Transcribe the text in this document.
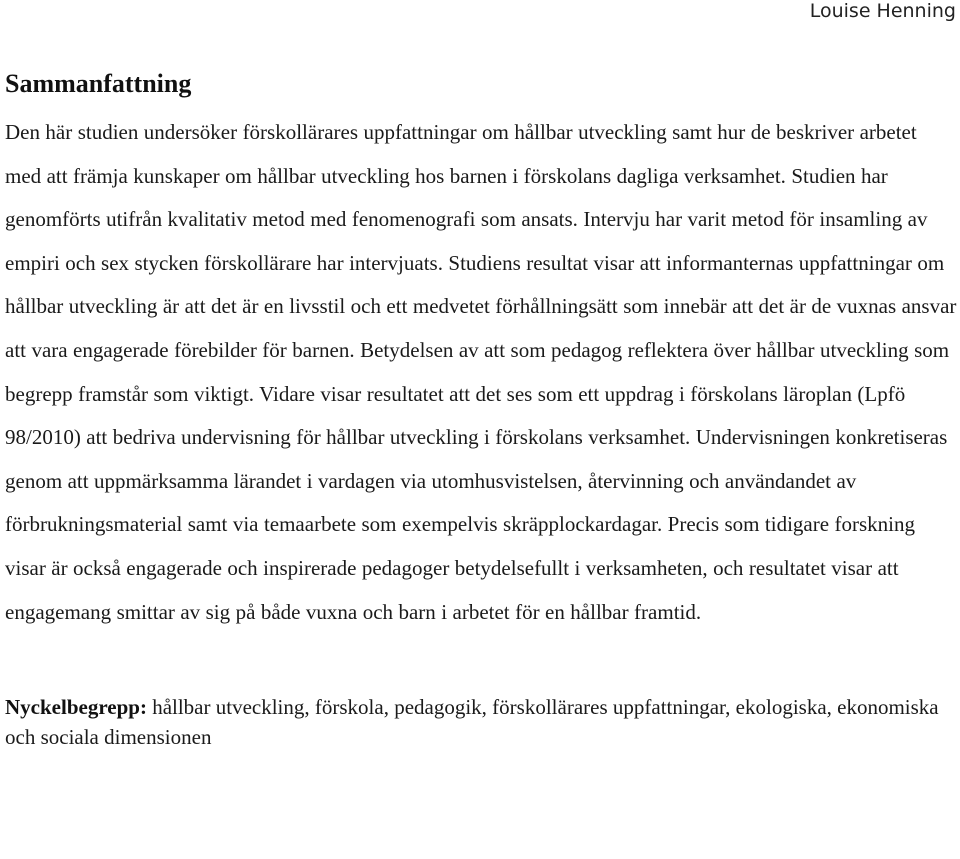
Louise Henning
Sammanfattning

Den här studien undersöker förskollärares uppfattningar om hållbar utveckling samt hur de beskriver arbetet med att främja kunskaper om hållbar utveckling hos barnen i förskolans dagliga verksamhet. Studien har genomförts utifrån kvalitativ metod med fenomenografi som ansats. Intervju har varit metod för insamling av empiri och sex stycken förskollärare har intervjuats. Studiens resultat visar att informanternas uppfattningar om hållbar utveckling är att det är en livsstil och ett medvetet förhållningsätt som innebär att det är de vuxnas ansvar att vara engagerade förebilder för barnen. Betydelsen av att som pedagog reflektera över hållbar utveckling som begrepp framstår som viktigt. Vidare visar resultatet att det ses som ett uppdrag i förskolans läroplan (Lpfö 98/2010) att bedriva undervisning för hållbar utveckling i förskolans verksamhet. Undervisningen konkretiseras genom att uppmärksamma lärandet i vardagen via utomhusvistelsen, återvinning och användandet av förbrukningsmaterial samt via temaarbete som exempelvis skräpplockardagar. Precis som tidigare forskning visar är också engagerade och inspirerade pedagoger betydelsefullt i verksamheten, och resultatet visar att engagemang smittar av sig på både vuxna och barn i arbetet för en hållbar framtid.

Nyckelbegrepp: hållbar utveckling, förskola, pedagogik, förskollärares uppfattningar, ekologiska, ekonomiska och sociala dimensionen
